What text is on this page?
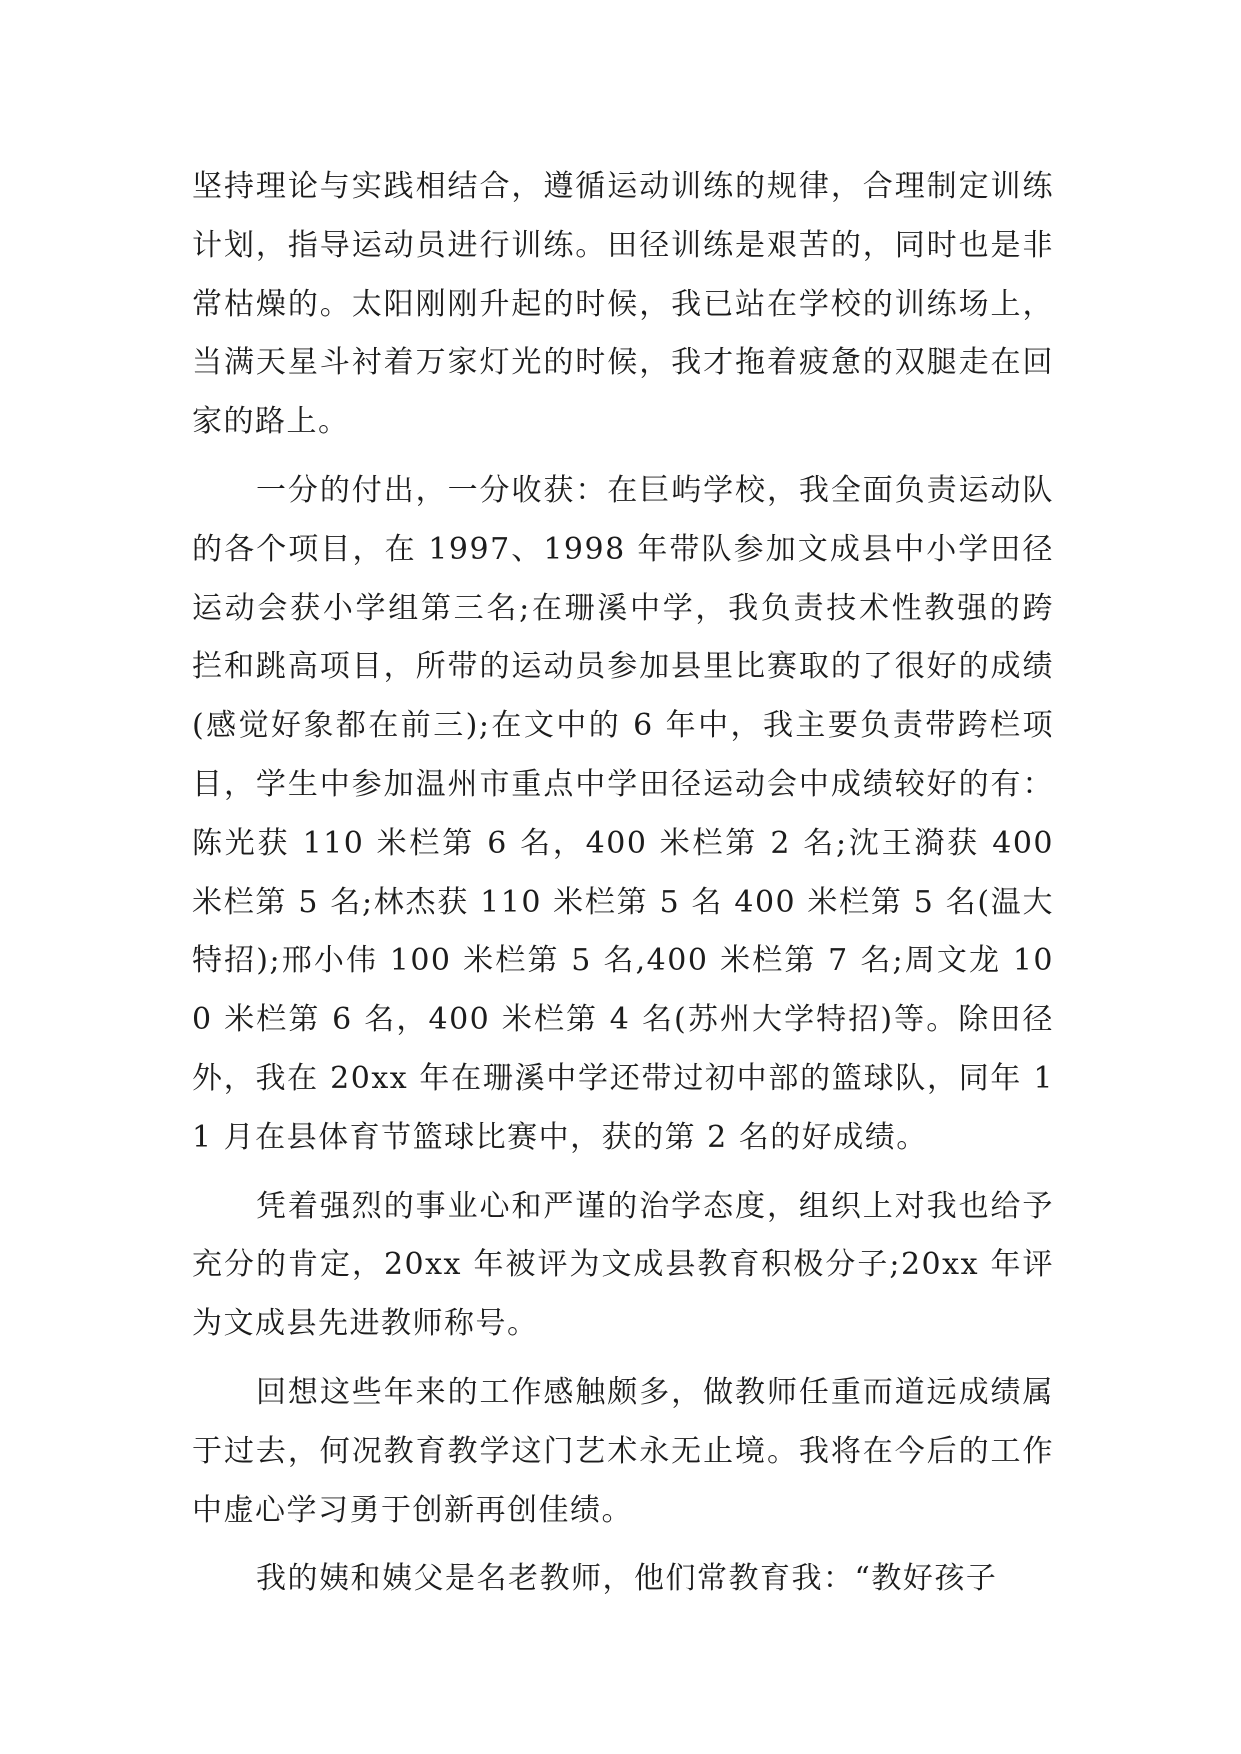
坚持理论与实践相结合，遵循运动训练的规律，合理制定训练计划，指导运动员进行训练。田径训练是艰苦的，同时也是非常枯燥的。太阳刚刚升起的时候，我已站在学校的训练场上，当满天星斗衬着万家灯光的时候，我才拖着疲惫的双腿走在回家的路上。

一分的付出，一分收获：在巨屿学校，我全面负责运动队的各个项目，在 1997、1998 年带队参加文成县中小学田径运动会获小学组第三名;在珊溪中学，我负责技术性教强的跨拦和跳高项目，所带的运动员参加县里比赛取的了很好的成绩(感觉好象都在前三);在文中的 6 年中，我主要负责带跨栏项目，学生中参加温州市重点中学田径运动会中成绩较好的有：陈光获 110 米栏第 6 名，400 米栏第 2 名;沈王漪获 400 米栏第 5 名;林杰获 110 米栏第 5 名 400 米栏第 5 名(温大特招);邢小伟 100 米栏第 5 名,400 米栏第 7 名;周文龙 100 米栏第 6 名，400 米栏第 4 名(苏州大学特招)等。除田径外，我在 20xx 年在珊溪中学还带过初中部的篮球队，同年 11 月在县体育节篮球比赛中，获的第 2 名的好成绩。

凭着强烈的事业心和严谨的治学态度，组织上对我也给予充分的肯定，20xx 年被评为文成县教育积极分子;20xx 年评为文成县先进教师称号。

回想这些年来的工作感触颇多，做教师任重而道远成绩属于过去，何况教育教学这门艺术永无止境。我将在今后的工作中虚心学习勇于创新再创佳绩。

我的姨和姨父是名老教师，他们常教育我：“教好孩子
